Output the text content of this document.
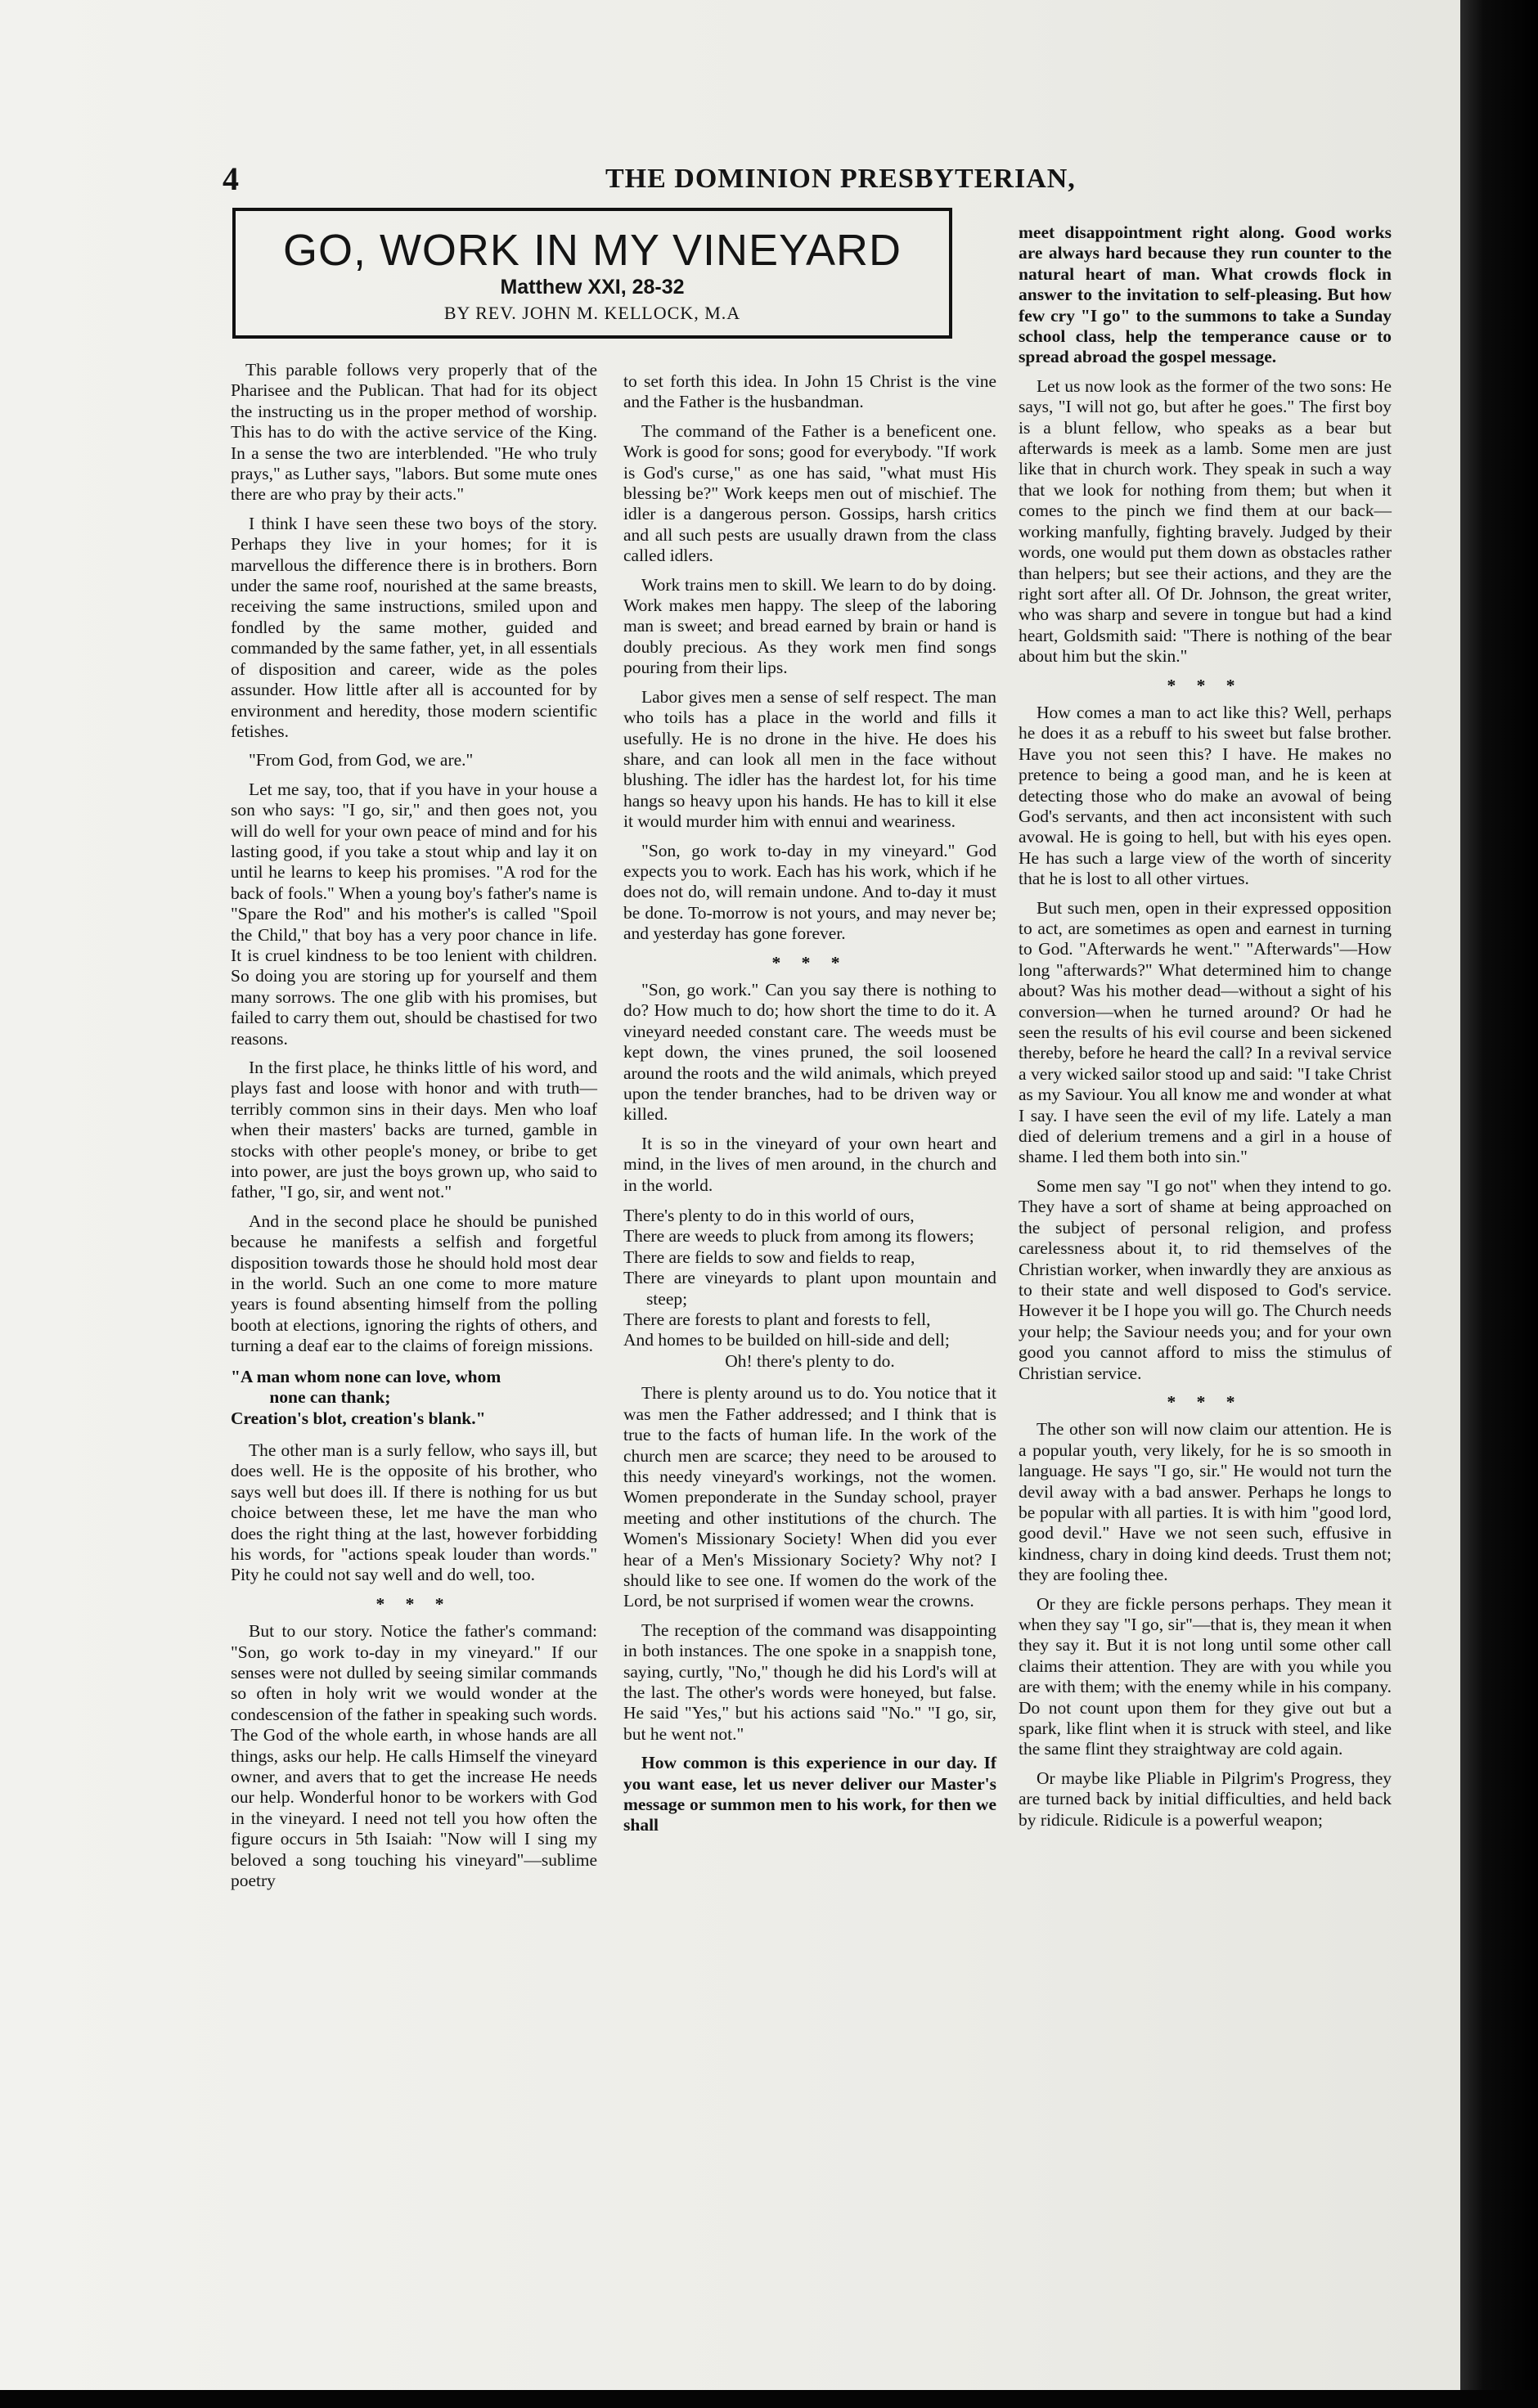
4	THE DOMINION PRESBYTERIAN,
GO, WORK IN MY VINEYARD
Matthew XXI, 28-32
BY REV. JOHN M. KELLOCK, M.A

This parable follows very properly that of the Pharisee and the Publican. That had for its object the instructing us in the proper method of worship. This has to do with the active service of the King. In a sense the two are interblended. "He who truly prays," as Luther says, "labors. But some mute ones there are who pray by their acts."

I think I have seen these two boys of the story. Perhaps they live in your homes; for it is marvellous the difference there is in brothers. Born under the same roof, nourished at the same breasts, receiving the same instructions, smiled upon and fondled by the same mother, guided and commanded by the same father, yet, in all essentials of disposition and career, wide as the poles assunder. How little after all is accounted for by environment and heredity, those modern scientific fetishes.

"From God, from God, we are."

Let me say, too, that if you have in your house a son who says: "I go, sir," and then goes not, you will do well for your own peace of mind and for his lasting good, if you take a stout whip and lay it on until he learns to keep his promises. "A rod for the back of fools." When a young boy's father's name is "Spare the Rod" and his mother's is called "Spoil the Child," that boy has a very poor chance in life. It is cruel kindness to be too lenient with children. So doing you are storing up for yourself and them many sorrows. The one glib with his promises, but failed to carry them out, should be chastised for two reasons.

In the first place, he thinks little of his word, and plays fast and loose with honor and with truth—terribly common sins in their days. Men who loaf when their masters' backs are turned, gamble in stocks with other people's money, or bribe to get into power, are just the boys grown up, who said to father, "I go, sir, and went not."

And in the second place he should be punished because he manifests a selfish and forgetful disposition towards those he should hold most dear in the world. Such an one come to more mature years is found absenting himself from the polling booth at elections, ignoring the rights of others, and turning a deaf ear to the claims of foreign missions.

"A man whom none can love, whom
none can thank;
Creation's blot, creation's blank."

The other man is a surly fellow, who says ill, but does well. He is the opposite of his brother, who says well but does ill. If there is nothing for us but choice between these, let me have the man who does the right thing at the last, however forbidding his words, for "actions speak louder than words." Pity he could not say well and do well, too.

* * *

But to our story. Notice the father's command: "Son, go work to-day in my vineyard." If our senses were not dulled by seeing similar commands so often in holy writ we would wonder at the condescension of the father in speaking such words. The God of the whole earth, in whose hands are all things, asks our help. He calls Himself the vineyard owner, and avers that to get the increase He needs our help. Wonderful honor to be workers with God in the vineyard. I need not tell you how often the figure occurs in 5th Isaiah: "Now will I sing my beloved a song touching his vineyard"—sublime poetry

to set forth this idea. In John 15 Christ is the vine and the Father is the husbandman.

The command of the Father is a beneficent one. Work is good for sons; good for everybody. "If work is God's curse," as one has said, "what must His blessing be?" Work keeps men out of mischief. The idler is a dangerous person. Gossips, harsh critics and all such pests are usually drawn from the class called idlers.

Work trains men to skill. We learn to do by doing. Work makes men happy. The sleep of the laboring man is sweet; and bread earned by brain or hand is doubly precious. As they work men find songs pouring from their lips.

Labor gives men a sense of self respect. The man who toils has a place in the world and fills it usefully. He is no drone in the hive. He does his share, and can look all men in the face without blushing. The idler has the hardest lot, for his time hangs so heavy upon his hands. He has to kill it else it would murder him with ennui and weariness.

"Son, go work to-day in my vineyard." God expects you to work. Each has his work, which if he does not do, will remain undone. And to-day it must be done. To-morrow is not yours, and may never be; and yesterday has gone forever.

* * *

"Son, go work." Can you say there is nothing to do? How much to do; how short the time to do it. A vineyard needed constant care. The weeds must be kept down, the vines pruned, the soil loosened around the roots and the wild animals, which preyed upon the tender branches, had to be driven way or killed.

It is so in the vineyard of your own heart and mind, in the lives of men around, in the church and in the world.

There's plenty to do in this world of ours,
There are weeds to pluck from among its flowers;
There are fields to sow and fields to reap,
There are vineyards to plant upon mountain and steep;
There are forests to plant and forests to fell,
And homes to be builded on hill-side and dell;
Oh! there's plenty to do.

There is plenty around us to do. You notice that it was men the Father addressed; and I think that is true to the facts of human life. In the work of the church men are scarce; they need to be aroused to this needy vineyard's workings, not the women. Women preponderate in the Sunday school, prayer meeting and other institutions of the church. The Women's Missionary Society! When did you ever hear of a Men's Missionary Society? Why not? I should like to see one. If women do the work of the Lord, be not surprised if women wear the crowns.

The reception of the command was disappointing in both instances. The one spoke in a snappish tone, saying, curtly, "No," though he did his Lord's will at the last. The other's words were honeyed, but false. He said "Yes," but his actions said "No." "I go, sir, but he went not."

How common is this experience in our day. If you want ease, let us never deliver our Master's message or summon men to his work, for then we shall

meet disappointment right along. Good works are always hard because they run counter to the natural heart of man. What crowds flock in answer to the invitation to self-pleasing. But how few cry "I go" to the summons to take a Sunday school class, help the temperance cause or to spread abroad the gospel message.

Let us now look as the former of the two sons: He says, "I will not go, but after he goes." The first boy is a blunt fellow, who speaks as a bear but afterwards is meek as a lamb. Some men are just like that in church work. They speak in such a way that we look for nothing from them; but when it comes to the pinch we find them at our back—working manfully, fighting bravely. Judged by their words, one would put them down as obstacles rather than helpers; but see their actions, and they are the right sort after all. Of Dr. Johnson, the great writer, who was sharp and severe in tongue but had a kind heart, Goldsmith said: "There is nothing of the bear about him but the skin."

* * *

How comes a man to act like this? Well, perhaps he does it as a rebuff to his sweet but false brother. Have you not seen this? I have. He makes no pretence to being a good man, and he is keen at detecting those who do make an avowal of being God's servants, and then act inconsistent with such avowal. He is going to hell, but with his eyes open. He has such a large view of the worth of sincerity that he is lost to all other virtues.

But such men, open in their expressed opposition to act, are sometimes as open and earnest in turning to God. "Afterwards he went." "Afterwards"—How long "afterwards?" What determined him to change about? Was his mother dead—without a sight of his conversion—when he turned around? Or had he seen the results of his evil course and been sickened thereby, before he heard the call? In a revival service a very wicked sailor stood up and said: "I take Christ as my Saviour. You all know me and wonder at what I say. I have seen the evil of my life. Lately a man died of delerium tremens and a girl in a house of shame. I led them both into sin."

Some men say "I go not" when they intend to go. They have a sort of shame at being approached on the subject of personal religion, and profess carelessness about it, to rid themselves of the Christian worker, when inwardly they are anxious as to their state and well disposed to God's service. However it be I hope you will go. The Church needs your help; the Saviour needs you; and for your own good you cannot afford to miss the stimulus of Christian service.

* * *

The other son will now claim our attention. He is a popular youth, very likely, for he is so smooth in language. He says "I go, sir." He would not turn the devil away with a bad answer. Perhaps he longs to be popular with all parties. It is with him "good lord, good devil." Have we not seen such, effusive in kindness, chary in doing kind deeds. Trust them not; they are fooling thee.

Or they are fickle persons perhaps. They mean it when they say "I go, sir"—that is, they mean it when they say it. But it is not long until some other call claims their attention. They are with you while you are with them; with the enemy while in his company. Do not count upon them for they give out but a spark, like flint when it is struck with steel, and like the same flint they straightway are cold again.

Or maybe like Pliable in Pilgrim's Progress, they are turned back by initial difficulties, and held back by ridicule. Ridicule is a powerful weapon;
